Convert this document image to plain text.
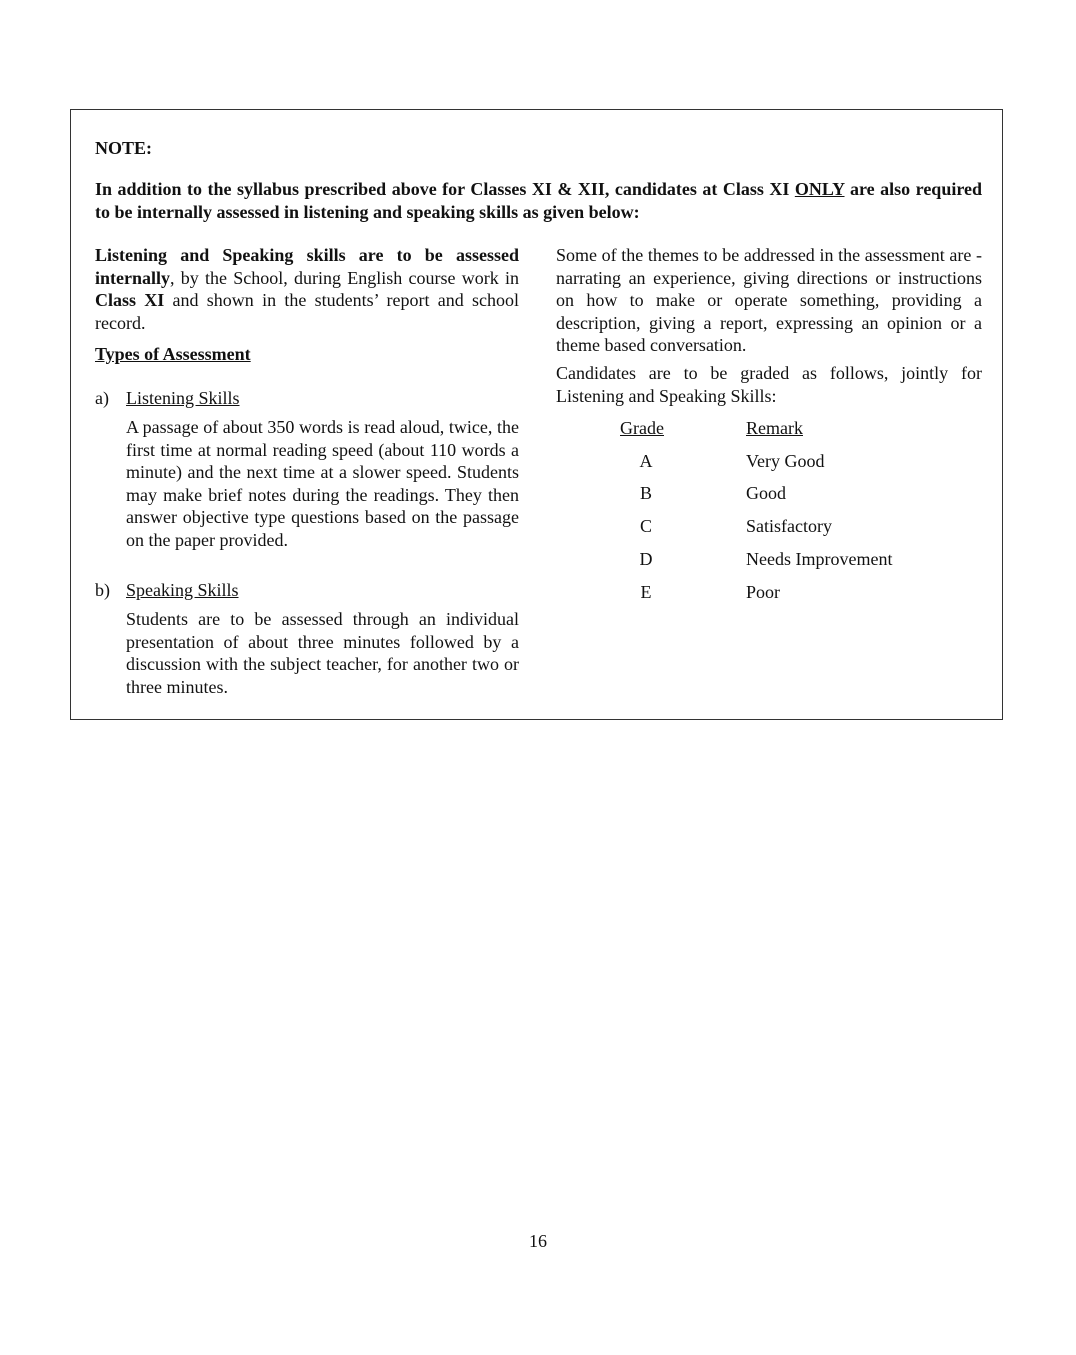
NOTE:
In addition to the syllabus prescribed above for Classes XI & XII, candidates at Class XI ONLY are also required to be internally assessed in listening and speaking skills as given below:
Listening and Speaking skills are to be assessed internally, by the School, during English course work in Class XI and shown in the students’ report and school record.
Types of Assessment
a) Listening Skills
A passage of about 350 words is read aloud, twice, the first time at normal reading speed (about 110 words a minute) and the next time at a slower speed. Students may make brief notes during the readings. They then answer objective type questions based on the passage on the paper provided.
b) Speaking Skills
Students are to be assessed through an individual presentation of about three minutes followed by a discussion with the subject teacher, for another two or three minutes.
Some of the themes to be addressed in the assessment are - narrating an experience, giving directions or instructions on how to make or operate something, providing a description, giving a report, expressing an opinion or a theme based conversation.
Candidates are to be graded as follows, jointly for Listening and Speaking Skills:
Grade	Remark
A	Very Good
B	Good
C	Satisfactory
D	Needs Improvement
E	Poor
16
